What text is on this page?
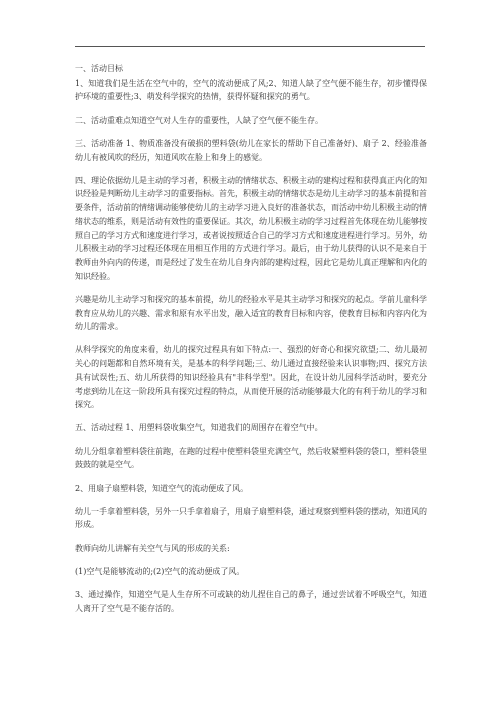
一、活动目标

1、知道我们是生活在空气中的，空气的流动便成了风;2、知道人缺了空气便不能生存，初步懂得保护环境的重要性;3、萌发科学探究的热情，获得怀疑和探究的勇气。

二、活动重难点知道空气对人生存的重要性，人缺了空气便不能生存。

三、活动准备 1、物质准备没有破损的塑料袋(幼儿在家长的帮助下自己准备好)、扇子 2、经验准备幼儿有被风吹的经历，知道风吹在脸上和身上的感觉。

四、理论依据幼儿是主动的学习者，积极主动的情绪状态、积极主动的建构过程和获得真正内化的知识经验是判断幼儿主动学习的重要指标。首先，积极主动的情绪状态是幼儿主动学习的基本前提和首要条件，活动前的情绪调动能够使幼儿的主动学习进入良好的准备状态，而活动中幼儿积极主动的情绪状态的维系，则是活动有效性的重要保证。其次，幼儿积极主动的学习过程首先体现在幼儿能够按照自己的学习方式和速度进行学习，或者说按照适合自己的学习方式和速度进程进行学习。另外，幼儿积极主动的学习过程还体现在用相互作用的方式进行学习。最后，由于幼儿获得的认识不是来自于教师由外向内的传递，而是经过了发生在幼儿自身内部的建构过程，因此它是幼儿真正理解和内化的知识经验。

兴趣是幼儿主动学习和探究的基本前提，幼儿的经验水平是其主动学习和探究的起点。学前儿童科学教育应从幼儿的兴趣、需求和原有水平出发，融入适宜的教育目标和内容，使教育目标和内容内化为幼儿的需求。

从科学探究的角度来看，幼儿的探究过程具有如下特点:一、强烈的好奇心和探究欲望;二、幼儿最初关心的问题都和自然环境有关，是基本的科学问题;三、幼儿通过直接经验来认识事物;四、探究方法具有试误性;五、幼儿所获得的知识经验具有"非科学型"。因此，在设计幼儿园科学活动时，要充分考虑到幼儿在这一阶段所具有探究过程的特点，从而使开展的活动能够最大化的有利于幼儿的学习和探究。

五、活动过程 1、用塑料袋收集空气，知道我们的周围存在着空气中。

幼儿分组拿着塑料袋往前跑，在跑的过程中使塑料袋里充满空气，然后收紧塑料袋的袋口，塑料袋里鼓鼓的就是空气。

2、用扇子扇塑料袋，知道空气的流动便成了风。

幼儿一手拿着塑料袋，另外一只手拿着扇子，用扇子扇塑料袋，通过观察到塑料袋的摆动，知道风的形成。

教师向幼儿讲解有关空气与风的形成的关系:

(1)空气是能够流动的;(2)空气的流动便成了风。

3、通过操作，知道空气是人生存所不可或缺的幼儿捏住自己的鼻子，通过尝试着不呼吸空气，知道人离开了空气是不能存活的。
